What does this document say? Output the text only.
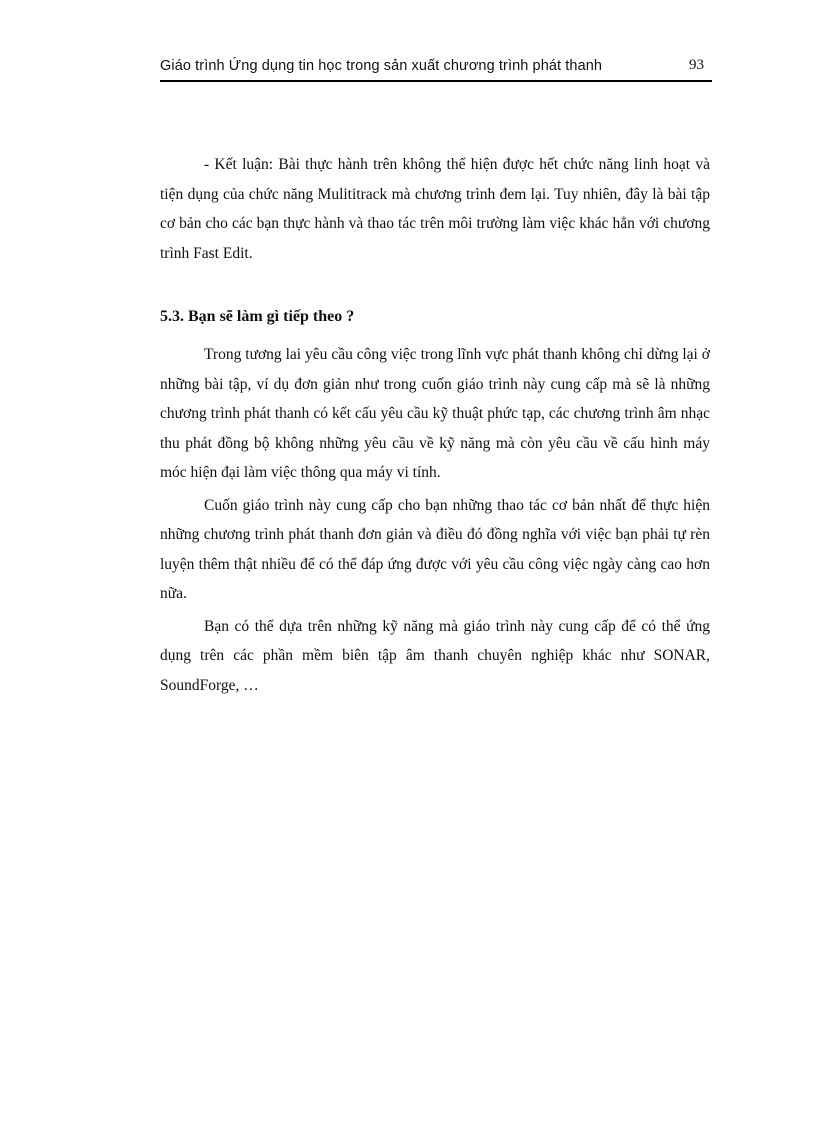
Giáo trình Ứng dụng tin học trong sản xuất chương trình phát thanh	93

- Kết luận: Bài thực hành trên không thể hiện được hết chức năng linh hoạt và tiện dụng của chức năng Mulititrack mà chương trình đem lại. Tuy nhiên, đây là bài tập cơ bản cho các bạn thực hành và thao tác trên môi trường làm việc khác hẳn với chương trình Fast Edit.

5.3. Bạn sẽ làm gì tiếp theo ?

Trong tương lai yêu cầu công việc trong lĩnh vực phát thanh không chỉ dừng lại ở những bài tập, ví dụ đơn giản như trong cuốn giáo trình này cung cấp mà sẽ là những chương trình phát thanh có kết cấu yêu cầu kỹ thuật phức tạp, các chương trình âm nhạc thu phát đồng bộ không những yêu cầu về kỹ năng mà còn yêu cầu về cấu hình máy móc hiện đại làm việc thông qua máy vi tính.

Cuốn giáo trình này cung cấp cho bạn những thao tác cơ bản nhất để thực hiện những chương trình phát thanh đơn giản và điều đó đồng nghĩa với việc bạn phải tự rèn luyện thêm thật nhiều để có thể đáp ứng được với yêu cầu công việc ngày càng cao hơn nữa.

Bạn có thể dựa trên những kỹ năng mà giáo trình này cung cấp để có thể ứng dụng trên các phần mềm biên tập âm thanh chuyên nghiệp khác như SONAR, SoundForge, …
